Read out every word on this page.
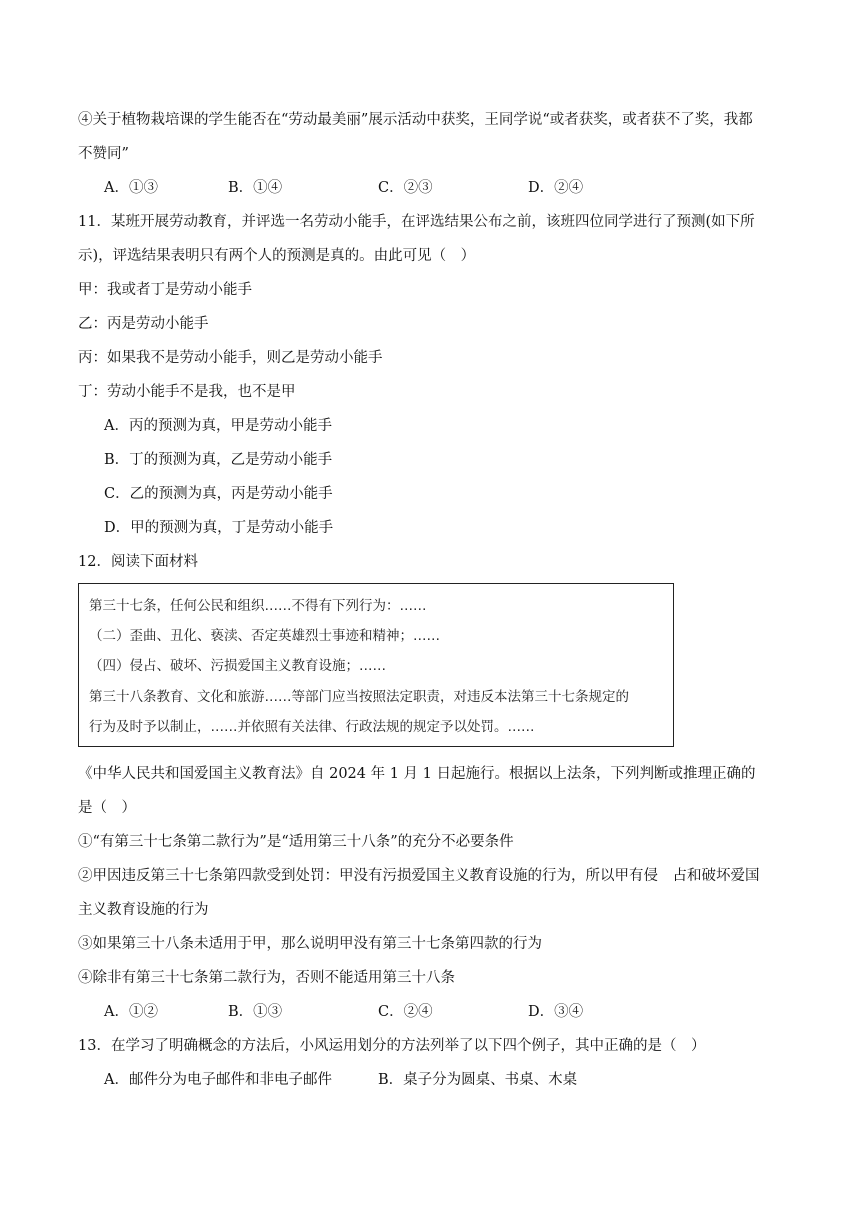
④关于植物栽培课的学生能否在“劳动最美丽”展示活动中获奖，王同学说“或者获奖，或者获不了奖，我都
不赞同”
A．①③	B．①④	C．②③	D．②④
11．某班开展劳动教育，并评选一名劳动小能手，在评选结果公布之前，该班四位同学进行了预测(如下所
示)，评选结果表明只有两个人的预测是真的。由此可见（　）
甲：我或者丁是劳动小能手
乙：丙是劳动小能手
丙：如果我不是劳动小能手，则乙是劳动小能手
丁：劳动小能手不是我，也不是甲
A．丙的预测为真，甲是劳动小能手
B．丁的预测为真，乙是劳动小能手
C．乙的预测为真，丙是劳动小能手
D．甲的预测为真，丁是劳动小能手
12．阅读下面材料
第三十七条，任何公民和组织……不得有下列行为：……
（二）歪曲、丑化、亵渎、否定英雄烈士事迹和精神；……
（四）侵占、破坏、污损爱国主义教育设施；……
第三十八条教育、文化和旅游……等部门应当按照法定职责，对违反本法第三十七条规定的
行为及时予以制止，……并依照有关法律、行政法规的规定予以处罚。……
《中华人民共和国爱国主义教育法》自 2024 年 1 月 1 日起施行。根据以上法条，下列判断或推理正确的
是（　）
①“有第三十七条第二款行为”是“适用第三十八条”的充分不必要条件
②甲因违反第三十七条第四款受到处罚：甲没有污损爱国主义教育设施的行为，所以甲有侵　占和破坏爱国
主义教育设施的行为
③如果第三十八条未适用于甲，那么说明甲没有第三十七条第四款的行为
④除非有第三十七条第二款行为，否则不能适用第三十八条
A．①②	B．①③	C．②④	D．③④
13．在学习了明确概念的方法后，小风运用划分的方法列举了以下四个例子，其中正确的是（　）
A．邮件分为电子邮件和非电子邮件	B．桌子分为圆桌、书桌、木桌
